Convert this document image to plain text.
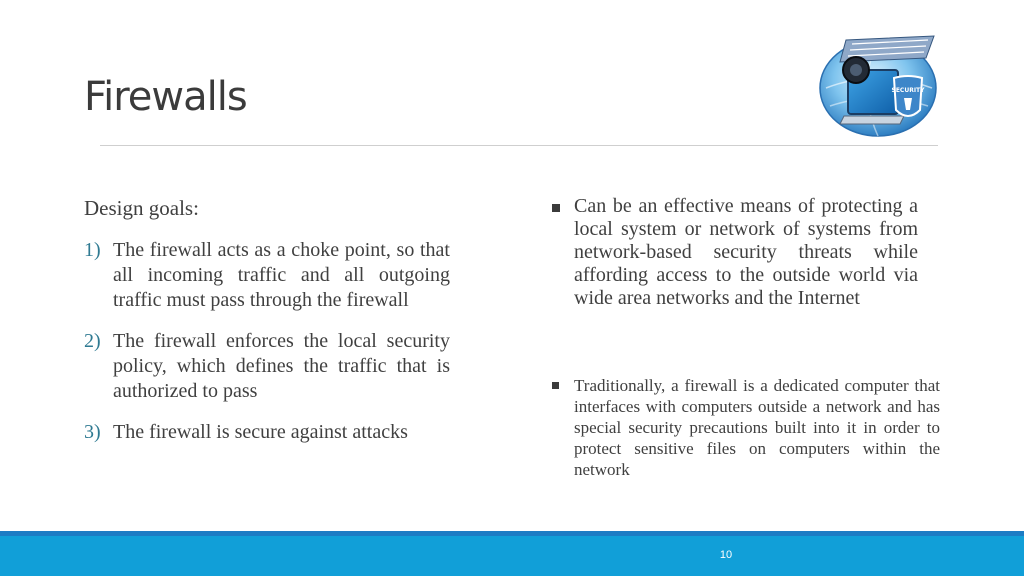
Firewalls	SECURITY
Design goals:
1) The firewall acts as a choke point, so that all incoming traffic and all outgoing traffic must pass through the firewall
2) The firewall enforces the local security policy, which defines the traffic that is authorized to pass
3) The firewall is secure against attacks
Can be an effective means of protecting a local system or network of systems from network-based security threats while affording access to the outside world via wide area networks and the Internet
Traditionally, a firewall is a dedicated computer that interfaces with computers outside a network and has special security precautions built into it in order to protect sensitive files on computers within the network
10
